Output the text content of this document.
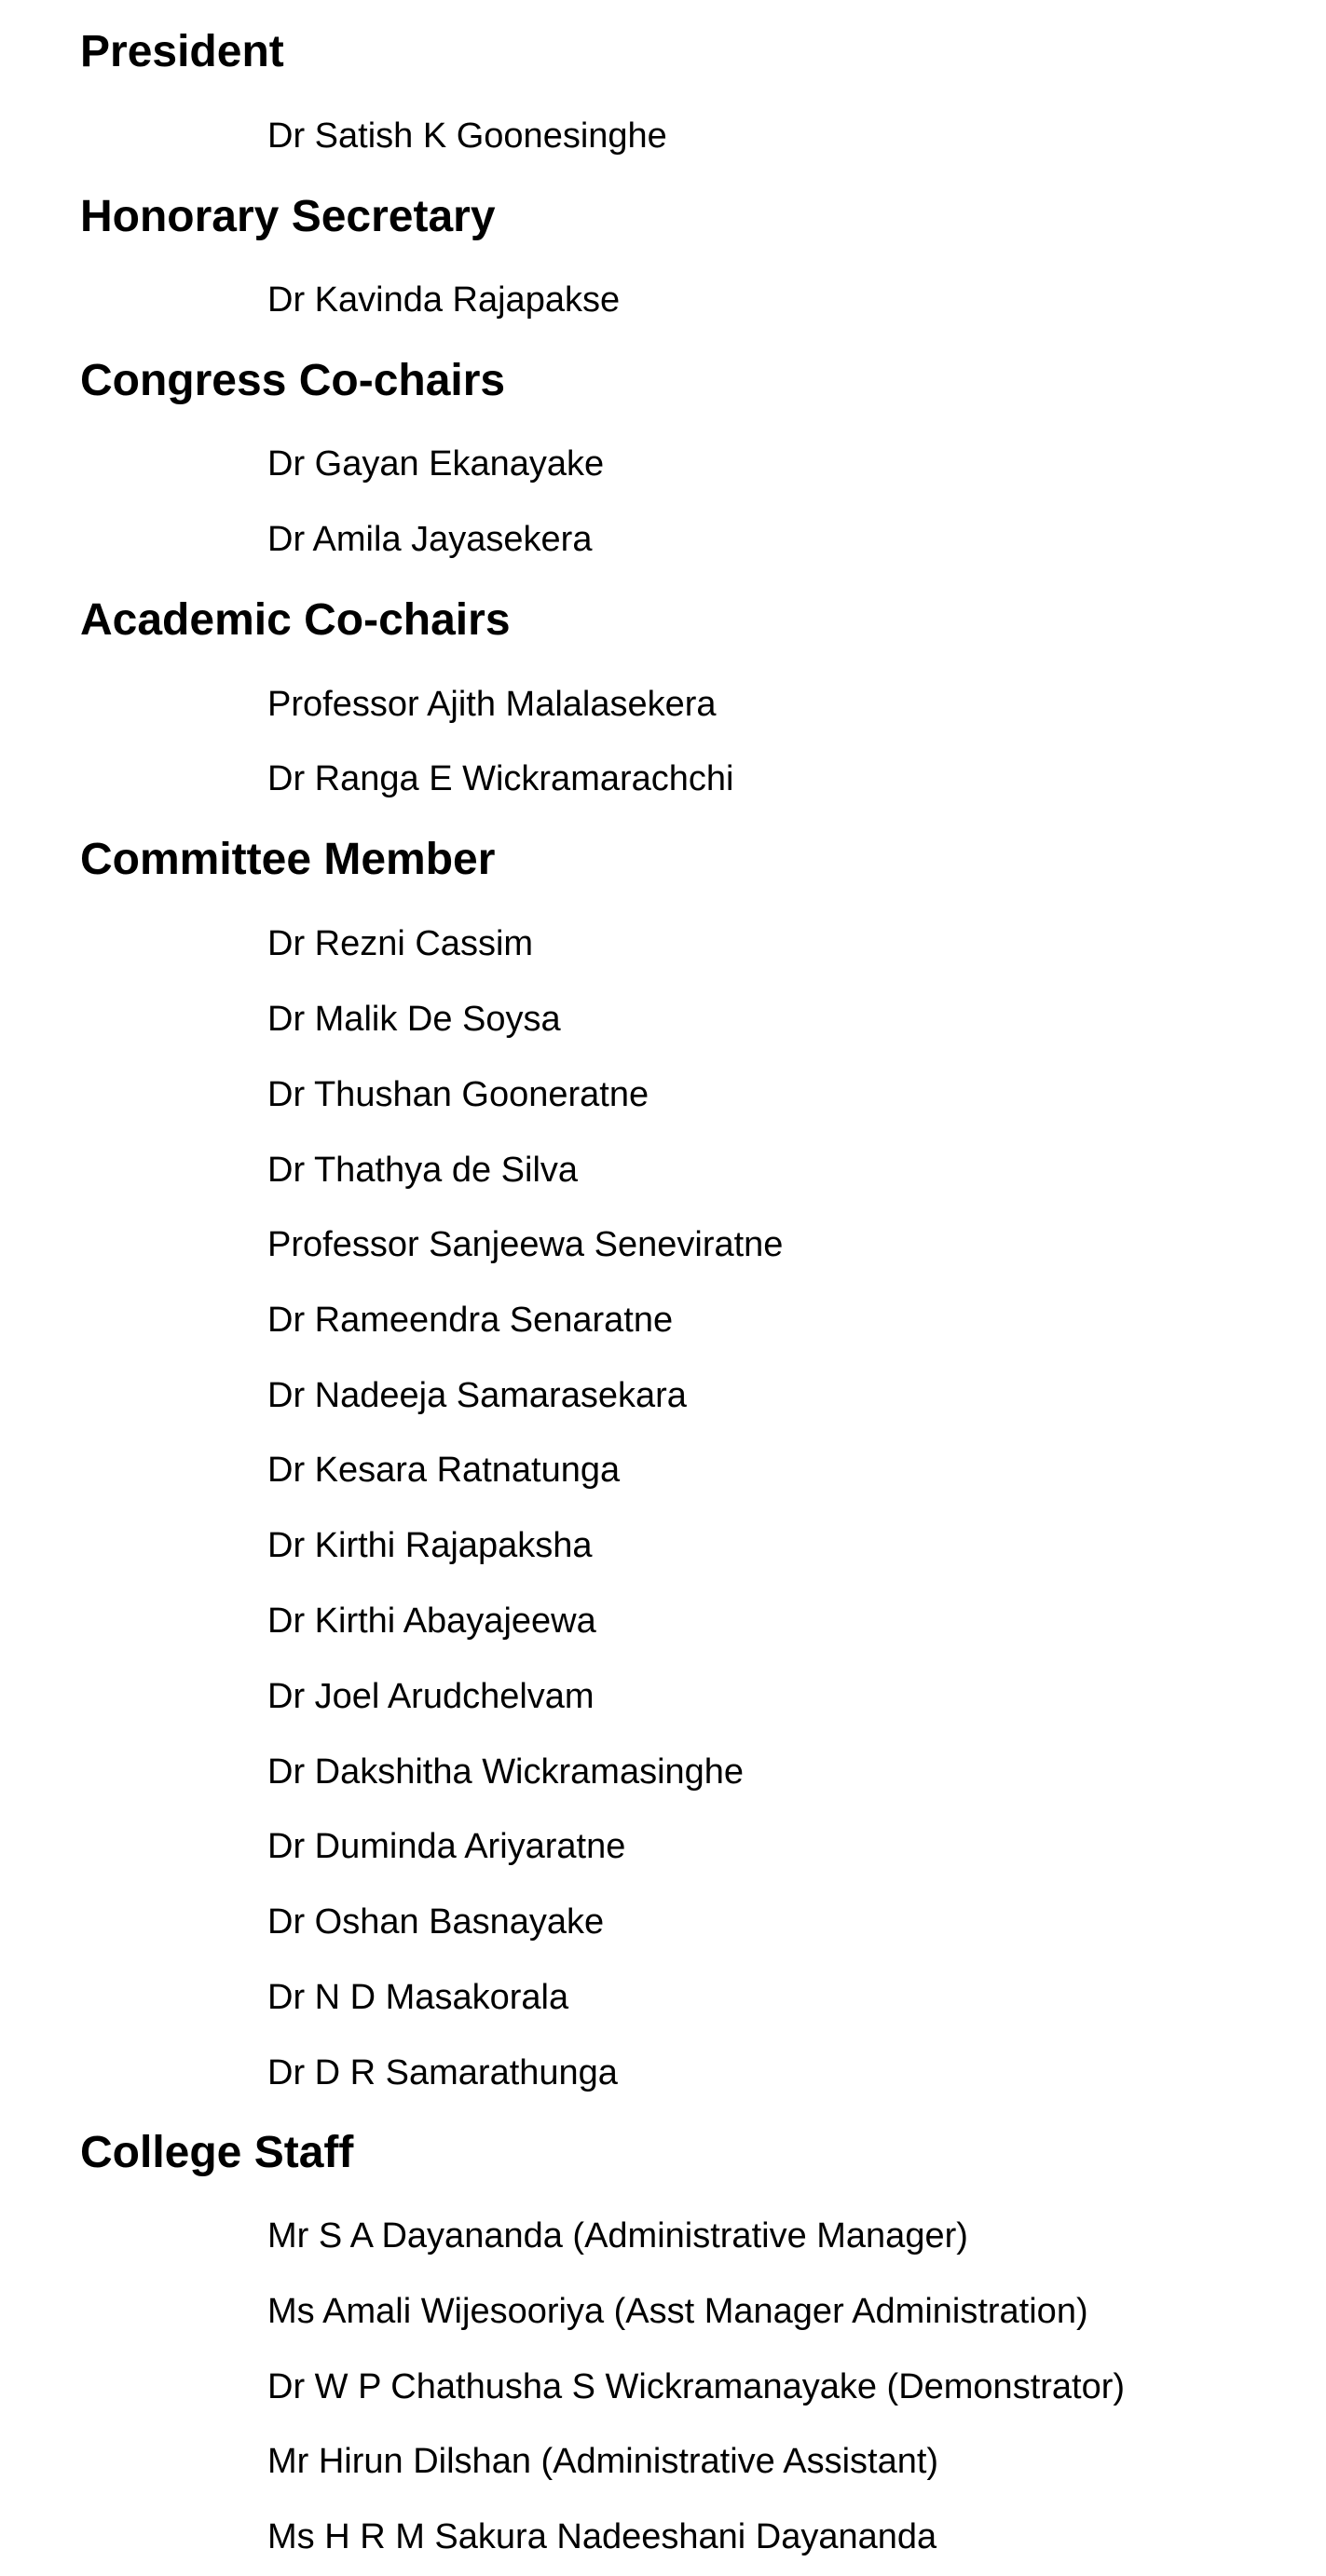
President

Dr Satish K Goonesinghe

Honorary Secretary

Dr Kavinda Rajapakse

Congress Co-chairs

Dr Gayan Ekanayake

Dr Amila Jayasekera

Academic Co-chairs

Professor Ajith Malalasekera

Dr Ranga E Wickramarachchi

Committee Member

Dr Rezni Cassim

Dr Malik De Soysa

Dr Thushan Gooneratne

Dr Thathya de Silva

Professor Sanjeewa Seneviratne

Dr Rameendra Senaratne

Dr Nadeeja Samarasekara

Dr Kesara Ratnatunga

Dr Kirthi Rajapaksha

Dr Kirthi Abayajeewa

Dr Joel Arudchelvam

Dr Dakshitha Wickramasinghe

Dr Duminda Ariyaratne

Dr Oshan Basnayake

Dr N D Masakorala

Dr D R Samarathunga

College Staff

Mr S A Dayananda (Administrative Manager)

Ms Amali Wijesooriya (Asst Manager Administration)

Dr W P Chathusha S Wickramanayake (Demonstrator)

Mr Hirun Dilshan (Administrative Assistant)

Ms H R M Sakura Nadeeshani Dayananda
